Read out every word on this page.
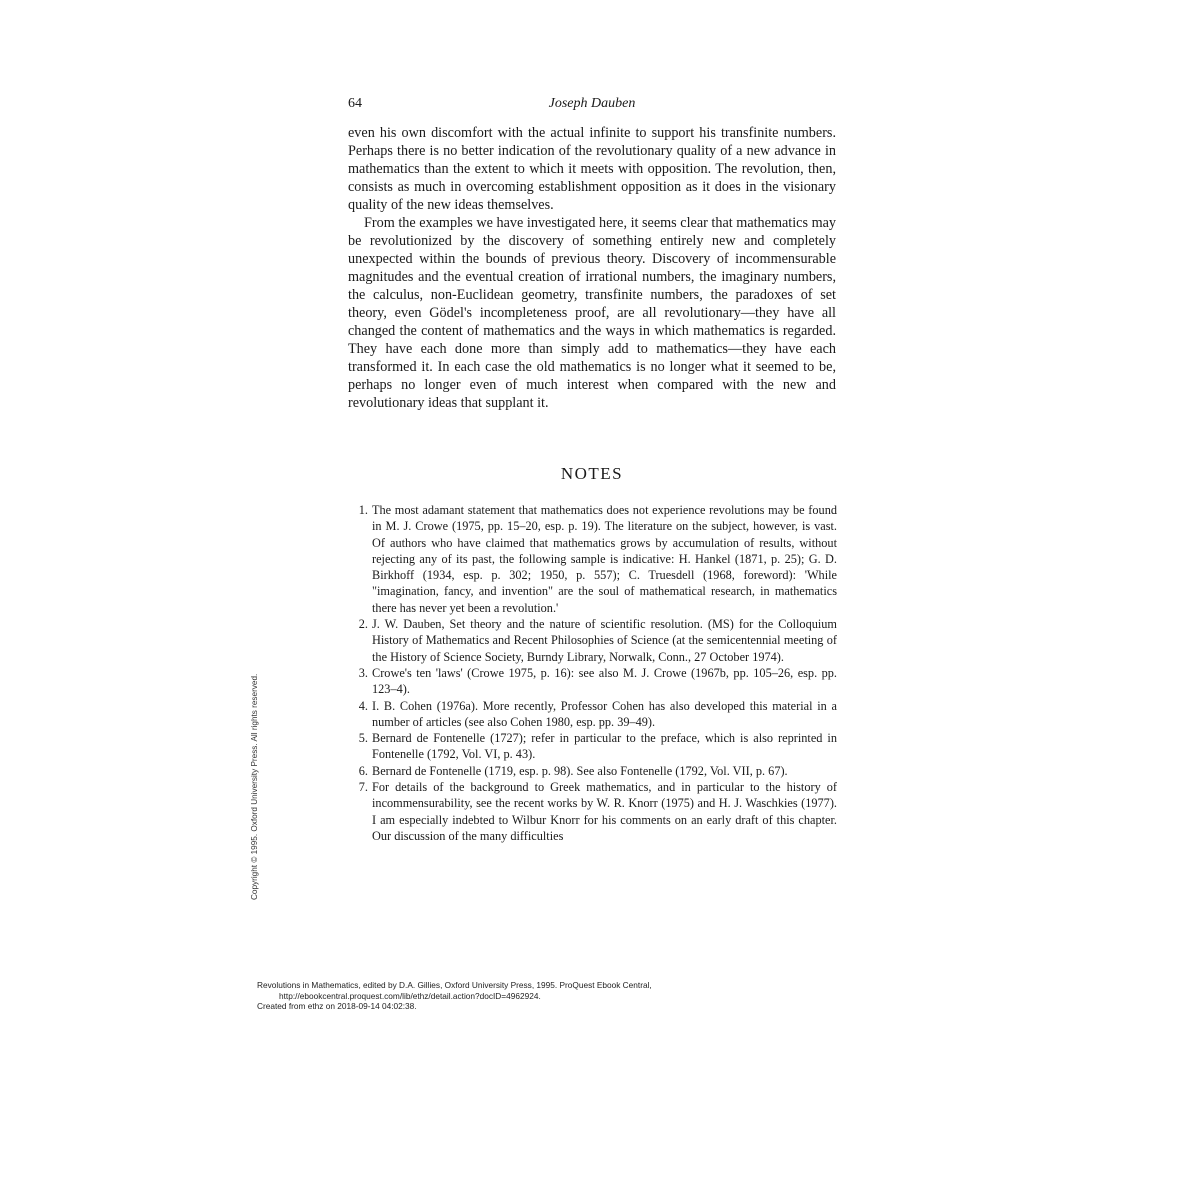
64	Joseph Dauben

even his own discomfort with the actual infinite to support his transfinite numbers. Perhaps there is no better indication of the revolutionary quality of a new advance in mathematics than the extent to which it meets with opposition. The revolution, then, consists as much in overcoming establishment opposition as it does in the visionary quality of the new ideas themselves.

From the examples we have investigated here, it seems clear that mathematics may be revolutionized by the discovery of something entirely new and completely unexpected within the bounds of previous theory. Discovery of incommensurable magnitudes and the eventual creation of irrational numbers, the imaginary numbers, the calculus, non-Euclidean geometry, transfinite numbers, the paradoxes of set theory, even Gödel's incompleteness proof, are all revolutionary—they have all changed the content of mathematics and the ways in which mathematics is regarded. They have each done more than simply add to mathematics—they have each transformed it. In each case the old mathematics is no longer what it seemed to be, perhaps no longer even of much interest when compared with the new and revolutionary ideas that supplant it.

NOTES
1. The most adamant statement that mathematics does not experience revolutions may be found in M. J. Crowe (1975, pp. 15–20, esp. p. 19). The literature on the subject, however, is vast. Of authors who have claimed that mathematics grows by accumulation of results, without rejecting any of its past, the following sample is indicative: H. Hankel (1871, p. 25); G. D. Birkhoff (1934, esp. p. 302; 1950, p. 557); C. Truesdell (1968, foreword): 'While "imagination, fancy, and invention" are the soul of mathematical research, in mathematics there has never yet been a revolution.'
2. J. W. Dauben, Set theory and the nature of scientific resolution. (MS) for the Colloquium History of Mathematics and Recent Philosophies of Science (at the semicentennial meeting of the History of Science Society, Burndy Library, Norwalk, Conn., 27 October 1974).
3. Crowe's ten 'laws' (Crowe 1975, p. 16): see also M. J. Crowe (1967b, pp. 105–26, esp. pp. 123–4).
4. I. B. Cohen (1976a). More recently, Professor Cohen has also developed this material in a number of articles (see also Cohen 1980, esp. pp. 39–49).
5. Bernard de Fontenelle (1727); refer in particular to the preface, which is also reprinted in Fontenelle (1792, Vol. VI, p. 43).
6. Bernard de Fontenelle (1719, esp. p. 98). See also Fontenelle (1792, Vol. VII, p. 67).
7. For details of the background to Greek mathematics, and in particular to the history of incommensurability, see the recent works by W. R. Knorr (1975) and H. J. Waschkies (1977). I am especially indebted to Wilbur Knorr for his comments on an early draft of this chapter. Our discussion of the many difficulties
Copyright © 1995. Oxford University Press. All rights reserved.
Revolutions in Mathematics, edited by D.A. Gillies, Oxford University Press, 1995. ProQuest Ebook Central,
http://ebookcentral.proquest.com/lib/ethz/detail.action?docID=4962924.
Created from ethz on 2018-09-14 04:02:38.
